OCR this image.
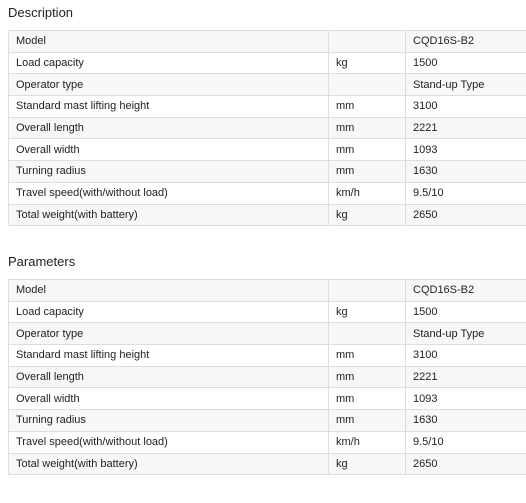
Description
Model		CQD16S-B2
Load capacity	kg	1500
Operator type		Stand-up Type
Standard mast lifting height	mm	3100
Overall length	mm	2221
Overall width	mm	1093
Turning radius	mm	1630
Travel speed(with/without load)	km/h	9.5/10
Total weight(with battery)	kg	2650
Parameters
Model		CQD16S-B2
Load capacity	kg	1500
Operator type		Stand-up Type
Standard mast lifting height	mm	3100
Overall length	mm	2221
Overall width	mm	1093
Turning radius	mm	1630
Travel speed(with/without load)	km/h	9.5/10
Total weight(with battery)	kg	2650
